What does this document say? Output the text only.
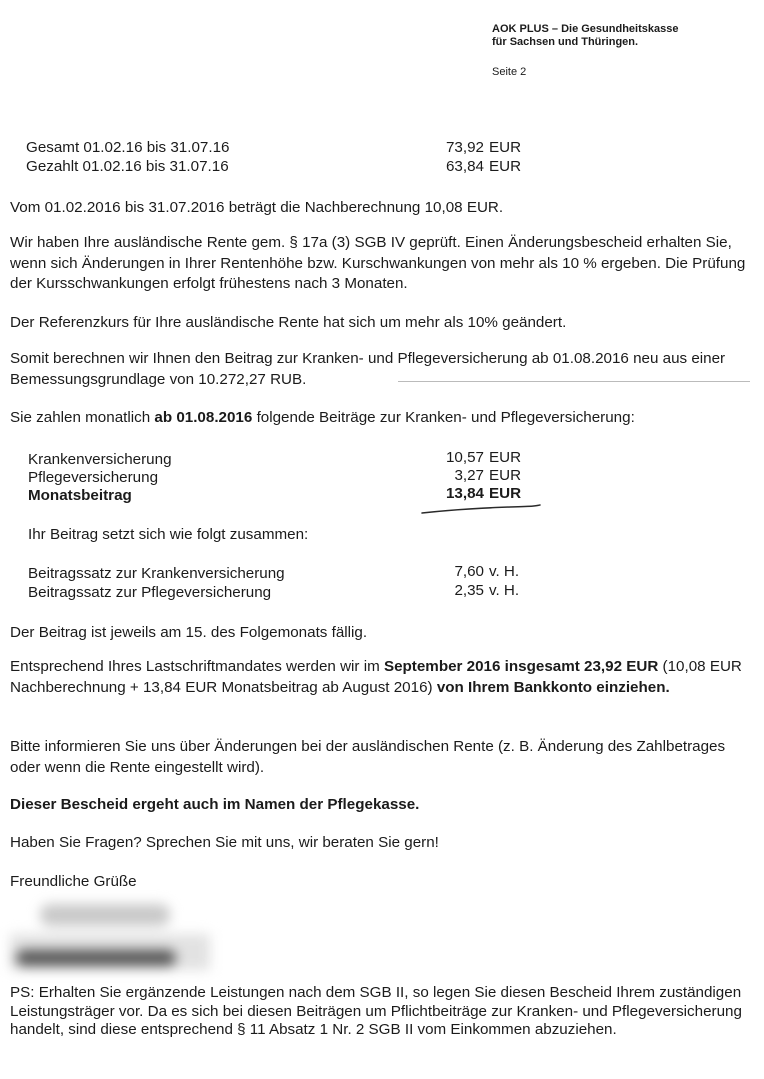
AOK PLUS – Die Gesundheitskasse
für Sachsen und Thüringen.
Seite 2
Gesamt 01.02.16 bis 31.07.16	73,92 EUR
Gezahlt 01.02.16 bis 31.07.16	63,84 EUR
Vom 01.02.2016 bis 31.07.2016 beträgt die Nachberechnung 10,08 EUR.
Wir haben Ihre ausländische Rente gem. § 17a (3) SGB IV geprüft. Einen Änderungsbescheid erhalten Sie, wenn sich Änderungen in Ihrer Rentenhöhe bzw. Kurschwankungen von mehr als 10 % ergeben. Die Prüfung der Kursschwankungen erfolgt frühestens nach 3 Monaten.
Der Referenzkurs für Ihre ausländische Rente hat sich um mehr als 10% geändert.
Somit berechnen wir Ihnen den Beitrag zur Kranken- und Pflegeversicherung ab 01.08.2016 neu aus einer Bemessungsgrundlage von 10.272,27 RUB.
Sie zahlen monatlich ab 01.08.2016 folgende Beiträge zur Kranken- und Pflegeversicherung:
Krankenversicherung	10,57 EUR
Pflegeversicherung	3,27 EUR
Monatsbeitrag	13,84 EUR
Ihr Beitrag setzt sich wie folgt zusammen:
Beitragssatz zur Krankenversicherung	7,60 v. H.
Beitragssatz zur Pflegeversicherung	2,35 v. H.
Der Beitrag ist jeweils am 15. des Folgemonats fällig.
Entsprechend Ihres Lastschriftmandates werden wir im September 2016 insgesamt 23,92 EUR (10,08 EUR Nachberechnung + 13,84 EUR Monatsbeitrag ab August 2016) von Ihrem Bankkonto einziehen.
Bitte informieren Sie uns über Änderungen bei der ausländischen Rente (z. B. Änderung des Zahlbetrages oder wenn die Rente eingestellt wird).
Dieser Bescheid ergeht auch im Namen der Pflegekasse.
Haben Sie Fragen? Sprechen Sie mit uns, wir beraten Sie gern!
Freundliche Grüße
PS: Erhalten Sie ergänzende Leistungen nach dem SGB II, so legen Sie diesen Bescheid Ihrem zuständigen Leistungsträger vor. Da es sich bei diesen Beiträgen um Pflichtbeiträge zur Kranken- und Pflegeversicherung handelt, sind diese entsprechend § 11 Absatz 1 Nr. 2 SGB II vom Einkommen abzuziehen.
